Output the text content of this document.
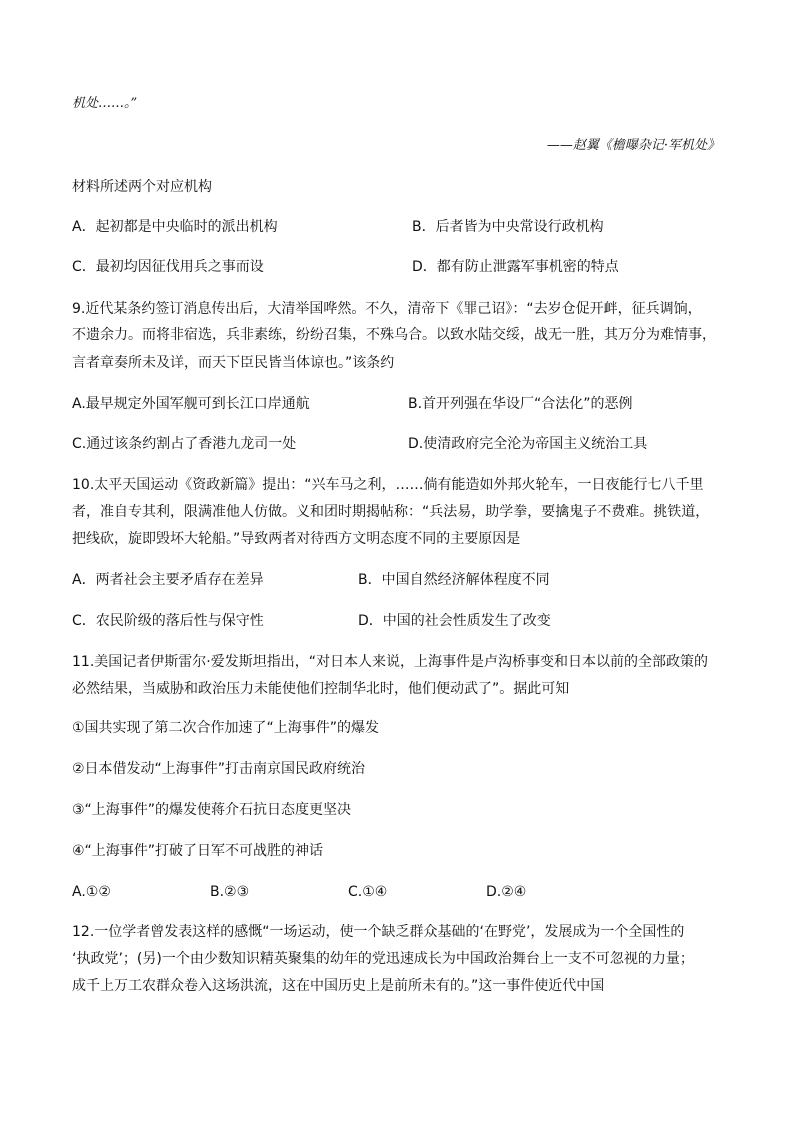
机处……。”
——赵翼《檐曝杂记·军机处》
材料所述两个对应机构
A．起初都是中央临时的派出机构	B．后者皆为中央常设行政机构
C．最初均因征伐用兵之事而设	D．都有防止泄露军事机密的特点
9.近代某条约签订消息传出后，大清举国哗然。不久，清帝下《罪己诏》：“去岁仓促开衅，征兵调饷，
不遗余力。而将非宿选，兵非素练，纷纷召集，不殊乌合。以致水陆交绥，战无一胜，其万分为难情事，
言者章奏所未及详，而天下臣民皆当体谅也。”该条约
A.最早规定外国军舰可到长江口岸通航	B.首开列强在华设厂“合法化”的恶例
C.通过该条约割占了香港九龙司一处	D.使清政府完全沦为帝国主义统治工具
10.太平天国运动《资政新篇》提出：“兴车马之利，……倘有能造如外邦火轮车，一日夜能行七八千里
者，准自专其利，限满准他人仿做。义和团时期揭帖称：“兵法易，助学拳，要擒鬼子不费难。挑铁道，
把线砍，旋即毁坏大轮船。”导致两者对待西方文明态度不同的主要原因是
A．两者社会主要矛盾存在差异	B．中国自然经济解体程度不同
C．农民阶级的落后性与保守性	D．中国的社会性质发生了改变
11.美国记者伊斯雷尔·爱发斯坦指出，“对日本人来说，上海事件是卢沟桥事变和日本以前的全部政策的
必然结果，当威胁和政治压力未能使他们控制华北时，他们便动武了”。据此可知
①国共实现了第二次合作加速了“上海事件”的爆发
②日本借发动“上海事件”打击南京国民政府统治
③“上海事件”的爆发使蒋介石抗日态度更坚决
④“上海事件”打破了日军不可战胜的神话
A.①②	B.②③	C.①④	D.②④
12.一位学者曾发表这样的感慨“一场运动，使一个缺乏群众基础的‘在野党’，发展成为一个全国性的
‘执政党’；(另)一个由少数知识精英聚集的幼年的党迅速成长为中国政治舞台上一支不可忽视的力量；
成千上万工农群众卷入这场洪流，这在中国历史上是前所未有的。”这一事件使近代中国
